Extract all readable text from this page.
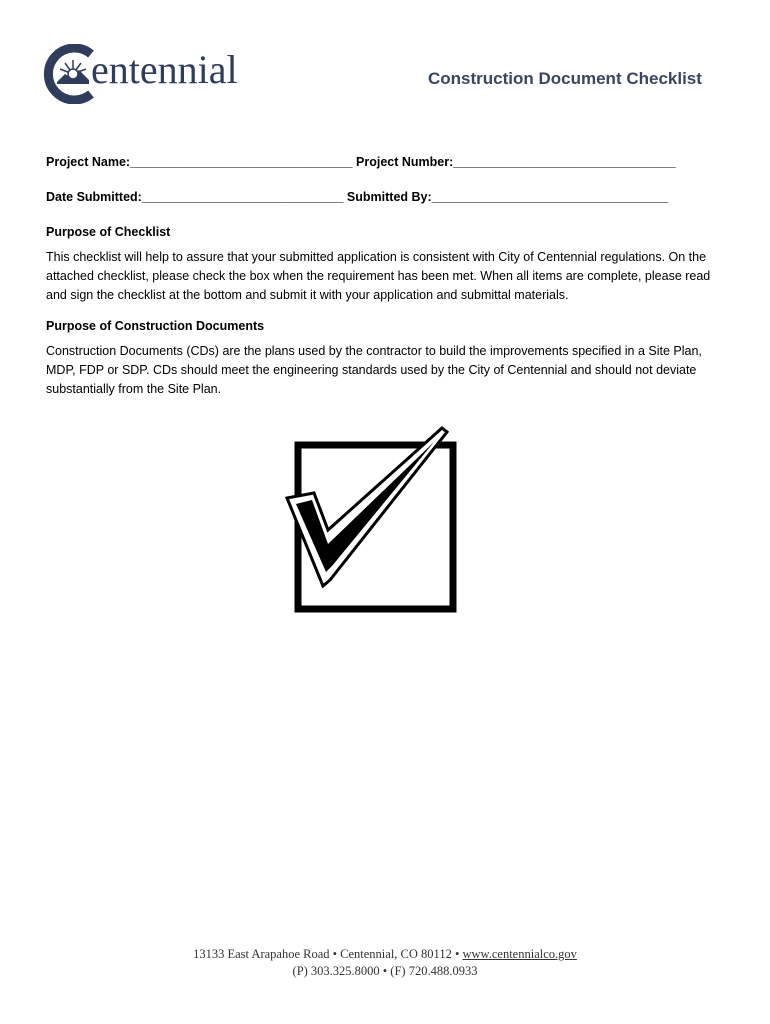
entennial	Construction Document Checklist
Project Name:________________________________ Project Number:________________________________
Date Submitted:_____________________________ Submitted By:__________________________________
Purpose of Checklist

This checklist will help to assure that your submitted application is consistent with City of Centennial regulations. On the attached checklist, please check the box when the requirement has been met. When all items are complete, please read and sign the checklist at the bottom and submit it with your application and submittal materials.

Purpose of Construction Documents

Construction Documents (CDs) are the plans used by the contractor to build the improvements specified in a Site Plan, MDP, FDP or SDP. CDs should meet the engineering standards used by the City of Centennial and should not deviate substantially from the Site Plan.

13133 East Arapahoe Road • Centennial, CO 80112 • www.centennialco.gov
(P) 303.325.8000 • (F) 720.488.0933
